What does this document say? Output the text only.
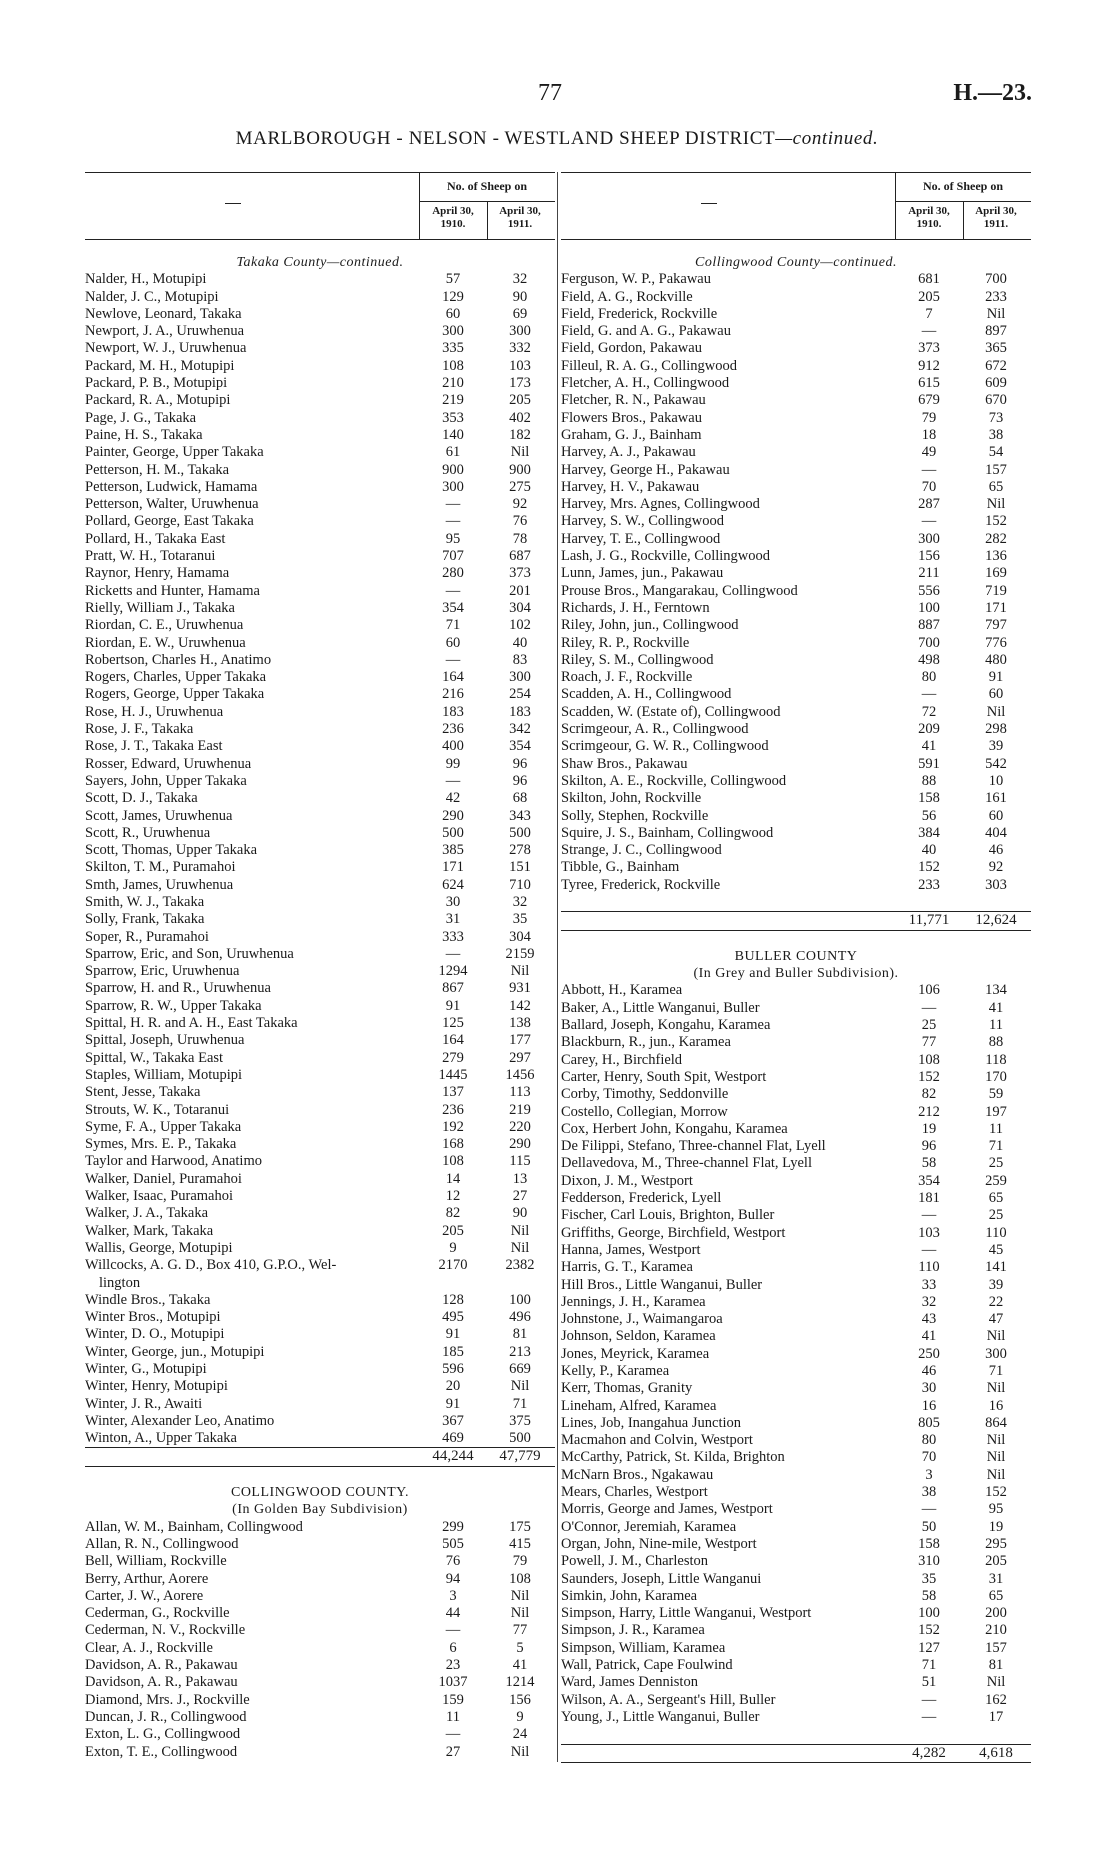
77	H.—23.
MARLBOROUGH - NELSON - WESTLAND SHEEP DISTRICT—continued.
No. of Sheep on
April 30, 1910.
April 30, 1911.
Takaka County—continued.
Nalder, H., Motupipi	57	32
Nalder, J. C., Motupipi	129	90
Newlove, Leonard, Takaka	60	69
Newport, J. A., Uruwhenua	300	300
Newport, W. J., Uruwhenua	335	332
Packard, M. H., Motupipi	108	103
Packard, P. B., Motupipi	210	173
Packard, R. A., Motupipi	219	205
Page, J. G., Takaka	353	402
Paine, H. S., Takaka	140	182
Painter, George, Upper Takaka	61	Nil
Petterson, H. M., Takaka	900	900
Petterson, Ludwick, Hamama	300	275
Petterson, Walter, Uruwhenua	—	92
Pollard, George, East Takaka	—	76
Pollard, H., Takaka East	95	78
Pratt, W. H., Totaranui	707	687
Raynor, Henry, Hamama	280	373
Ricketts and Hunter, Hamama	—	201
Rielly, William J., Takaka	354	304
Riordan, C. E., Uruwhenua	71	102
Riordan, E. W., Uruwhenua	60	40
Robertson, Charles H., Anatimo	—	83
Rogers, Charles, Upper Takaka	164	300
Rogers, George, Upper Takaka	216	254
Rose, H. J., Uruwhenua	183	183
Rose, J. F., Takaka	236	342
Rose, J. T., Takaka East	400	354
Rosser, Edward, Uruwhenua	99	96
Sayers, John, Upper Takaka	—	96
Scott, D. J., Takaka	42	68
Scott, James, Uruwhenua	290	343
Scott, R., Uruwhenua	500	500
Scott, Thomas, Upper Takaka	385	278
Skilton, T. M., Puramahoi	171	151
Smth, James, Uruwhenua	624	710
Smith, W. J., Takaka	30	32
Solly, Frank, Takaka	31	35
Soper, R., Puramahoi	333	304
Sparrow, Eric, and Son, Uruwhenua	—	2159
Sparrow, Eric, Uruwhenua	1294	Nil
Sparrow, H. and R., Uruwhenua	867	931
Sparrow, R. W., Upper Takaka	91	142
Spittal, H. R. and A. H., East Takaka	125	138
Spittal, Joseph, Uruwhenua	164	177
Spittal, W., Takaka East	279	297
Staples, William, Motupipi	1445	1456
Stent, Jesse, Takaka	137	113
Strouts, W. K., Totaranui	236	219
Syme, F. A., Upper Takaka	192	220
Symes, Mrs. E. P., Takaka	168	290
Taylor and Harwood, Anatimo	108	115
Walker, Daniel, Puramahoi	14	13
Walker, Isaac, Puramahoi	12	27
Walker, J. A., Takaka	82	90
Walker, Mark, Takaka	205	Nil
Wallis, George, Motupipi	9	Nil
Willcocks, A. G. D., Box 410, G.P.O., Wel-	2170	2382
lington
Windle Bros., Takaka	128	100
Winter Bros., Motupipi	495	496
Winter, D. O., Motupipi	91	81
Winter, George, jun., Motupipi	185	213
Winter, G., Motupipi	596	669
Winter, Henry, Motupipi	20	Nil
Winter, J. R., Awaiti	91	71
Winter, Alexander Leo, Anatimo	367	375
Winton, A., Upper Takaka	469	500
44,244	47,779
COLLINGWOOD COUNTY.
(In Golden Bay Subdivision)
Allan, W. M., Bainham, Collingwood	299	175
Allan, R. N., Collingwood	505	415
Bell, William, Rockville	76	79
Berry, Arthur, Aorere	94	108
Carter, J. W., Aorere	3	Nil
Cederman, G., Rockville	44	Nil
Cederman, N. V., Rockville	—	77
Clear, A. J., Rockville	6	5
Davidson, A. R., Pakawau	23	41
Davidson, A. R., Pakawau	1037	1214
Diamond, Mrs. J., Rockville	159	156
Duncan, J. R., Collingwood	11	9
Exton, L. G., Collingwood	—	24
Exton, T. E., Collingwood	27	Nil
No. of Sheep on
April 30, 1910.
April 30, 1911.
Collingwood County—continued.
Ferguson, W. P., Pakawau	681	700
Field, A. G., Rockville	205	233
Field, Frederick, Rockville	7	Nil
Field, G. and A. G., Pakawau	—	897
Field, Gordon, Pakawau	373	365
Filleul, R. A. G., Collingwood	912	672
Fletcher, A. H., Collingwood	615	609
Fletcher, R. N., Pakawau	679	670
Flowers Bros., Pakawau	79	73
Graham, G. J., Bainham	18	38
Harvey, A. J., Pakawau	49	54
Harvey, George H., Pakawau	—	157
Harvey, H. V., Pakawau	70	65
Harvey, Mrs. Agnes, Collingwood	287	Nil
Harvey, S. W., Collingwood	—	152
Harvey, T. E., Collingwood	300	282
Lash, J. G., Rockville, Collingwood	156	136
Lunn, James, jun., Pakawau	211	169
Prouse Bros., Mangarakau, Collingwood	556	719
Richards, J. H., Ferntown	100	171
Riley, John, jun., Collingwood	887	797
Riley, R. P., Rockville	700	776
Riley, S. M., Collingwood	498	480
Roach, J. F., Rockville	80	91
Scadden, A. H., Collingwood	—	60
Scadden, W. (Estate of), Collingwood	72	Nil
Scrimgeour, A. R., Collingwood	209	298
Scrimgeour, G. W. R., Collingwood	41	39
Shaw Bros., Pakawau	591	542
Skilton, A. E., Rockville, Collingwood	88	10
Skilton, John, Rockville	158	161
Solly, Stephen, Rockville	56	60
Squire, J. S., Bainham, Collingwood	384	404
Strange, J. C., Collingwood	40	46
Tibble, G., Bainham	152	92
Tyree, Frederick, Rockville	233	303
11,771	12,624
BULLER COUNTY
(In Grey and Buller Subdivision).
Abbott, H., Karamea	106	134
Baker, A., Little Wanganui, Buller	—	41
Ballard, Joseph, Kongahu, Karamea	25	11
Blackburn, R., jun., Karamea	77	88
Carey, H., Birchfield	108	118
Carter, Henry, South Spit, Westport	152	170
Corby, Timothy, Seddonville	82	59
Costello, Collegian, Morrow	212	197
Cox, Herbert John, Kongahu, Karamea	19	11
De Filippi, Stefano, Three-channel Flat, Lyell	96	71
Dellavedova, M., Three-channel Flat, Lyell	58	25
Dixon, J. M., Westport	354	259
Fedderson, Frederick, Lyell	181	65
Fischer, Carl Louis, Brighton, Buller	—	25
Griffiths, George, Birchfield, Westport	103	110
Hanna, James, Westport	—	45
Harris, G. T., Karamea	110	141
Hill Bros., Little Wanganui, Buller	33	39
Jennings, J. H., Karamea	32	22
Johnstone, J., Waimangaroa	43	47
Johnson, Seldon, Karamea	41	Nil
Jones, Meyrick, Karamea	250	300
Kelly, P., Karamea	46	71
Kerr, Thomas, Granity	30	Nil
Lineham, Alfred, Karamea	16	16
Lines, Job, Inangahua Junction	805	864
Macmahon and Colvin, Westport	80	Nil
McCarthy, Patrick, St. Kilda, Brighton	70	Nil
McNarn Bros., Ngakawau	3	Nil
Mears, Charles, Westport	38	152
Morris, George and James, Westport	—	95
O'Connor, Jeremiah, Karamea	50	19
Organ, John, Nine-mile, Westport	158	295
Powell, J. M., Charleston	310	205
Saunders, Joseph, Little Wanganui	35	31
Simkin, John, Karamea	58	65
Simpson, Harry, Little Wanganui, Westport	100	200
Simpson, J. R., Karamea	152	210
Simpson, William, Karamea	127	157
Wall, Patrick, Cape Foulwind	71	81
Ward, James Denniston	51	Nil
Wilson, A. A., Sergeant's Hill, Buller	—	162
Young, J., Little Wanganui, Buller	—	17
4,282	4,618
